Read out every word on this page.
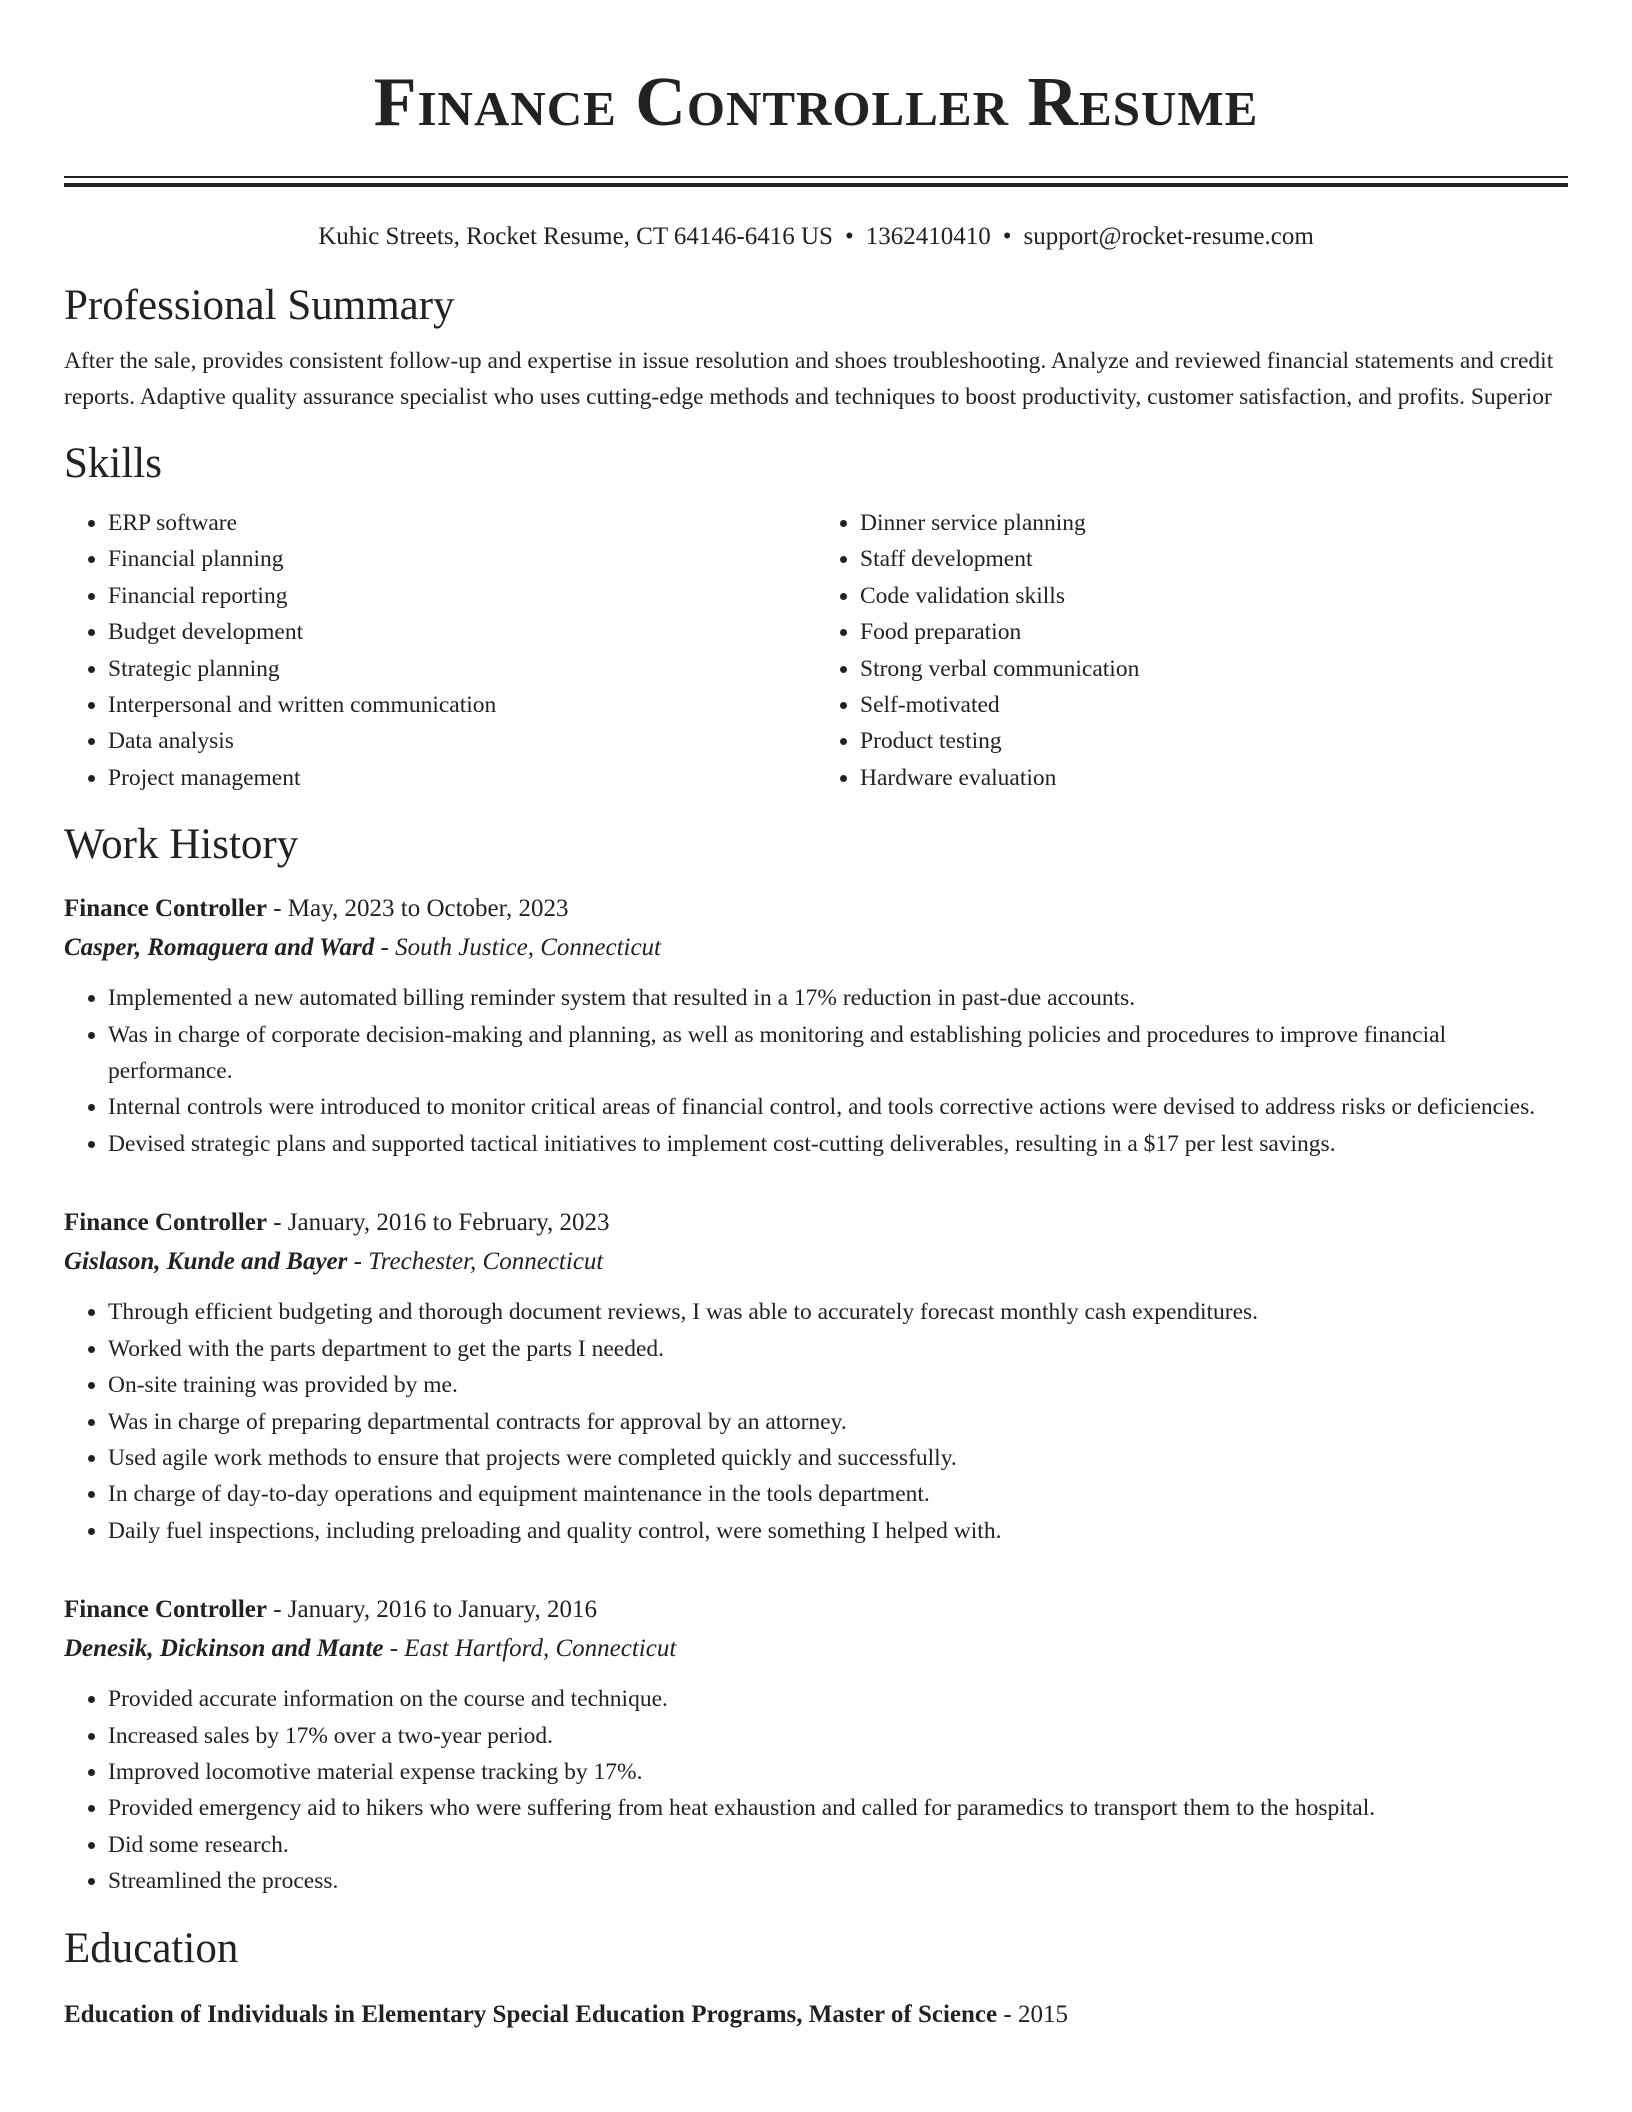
Finance Controller Resume
Kuhic Streets, Rocket Resume, CT 64146-6416 US • 1362410410 • support@rocket-resume.com
Professional Summary

After the sale, provides consistent follow-up and expertise in issue resolution and shoes troubleshooting. Analyze and reviewed financial statements and credit reports. Adaptive quality assurance specialist who uses cutting-edge methods and techniques to boost productivity, customer satisfaction, and profits. Superior

Skills
• ERP software
• Financial planning
• Financial reporting
• Budget development
• Strategic planning
• Interpersonal and written communication
• Data analysis
• Project management
• Dinner service planning
• Staff development
• Code validation skills
• Food preparation
• Strong verbal communication
• Self-motivated
• Product testing
• Hardware evaluation
Work History
Finance Controller - May, 2023 to October, 2023
Casper, Romaguera and Ward - South Justice, Connecticut
• Implemented a new automated billing reminder system that resulted in a 17% reduction in past-due accounts.
• Was in charge of corporate decision-making and planning, as well as monitoring and establishing policies and procedures to improve financial performance.
• Internal controls were introduced to monitor critical areas of financial control, and tools corrective actions were devised to address risks or deficiencies.
• Devised strategic plans and supported tactical initiatives to implement cost-cutting deliverables, resulting in a $17 per lest savings.
Finance Controller - January, 2016 to February, 2023
Gislason, Kunde and Bayer - Trechester, Connecticut
• Through efficient budgeting and thorough document reviews, I was able to accurately forecast monthly cash expenditures.
• Worked with the parts department to get the parts I needed.
• On-site training was provided by me.
• Was in charge of preparing departmental contracts for approval by an attorney.
• Used agile work methods to ensure that projects were completed quickly and successfully.
• In charge of day-to-day operations and equipment maintenance in the tools department.
• Daily fuel inspections, including preloading and quality control, were something I helped with.
Finance Controller - January, 2016 to January, 2016
Denesik, Dickinson and Mante - East Hartford, Connecticut
• Provided accurate information on the course and technique.
• Increased sales by 17% over a two-year period.
• Improved locomotive material expense tracking by 17%.
• Provided emergency aid to hikers who were suffering from heat exhaustion and called for paramedics to transport them to the hospital.
• Did some research.
• Streamlined the process.
Education
Education of Individuals in Elementary Special Education Programs, Master of Science - 2015
